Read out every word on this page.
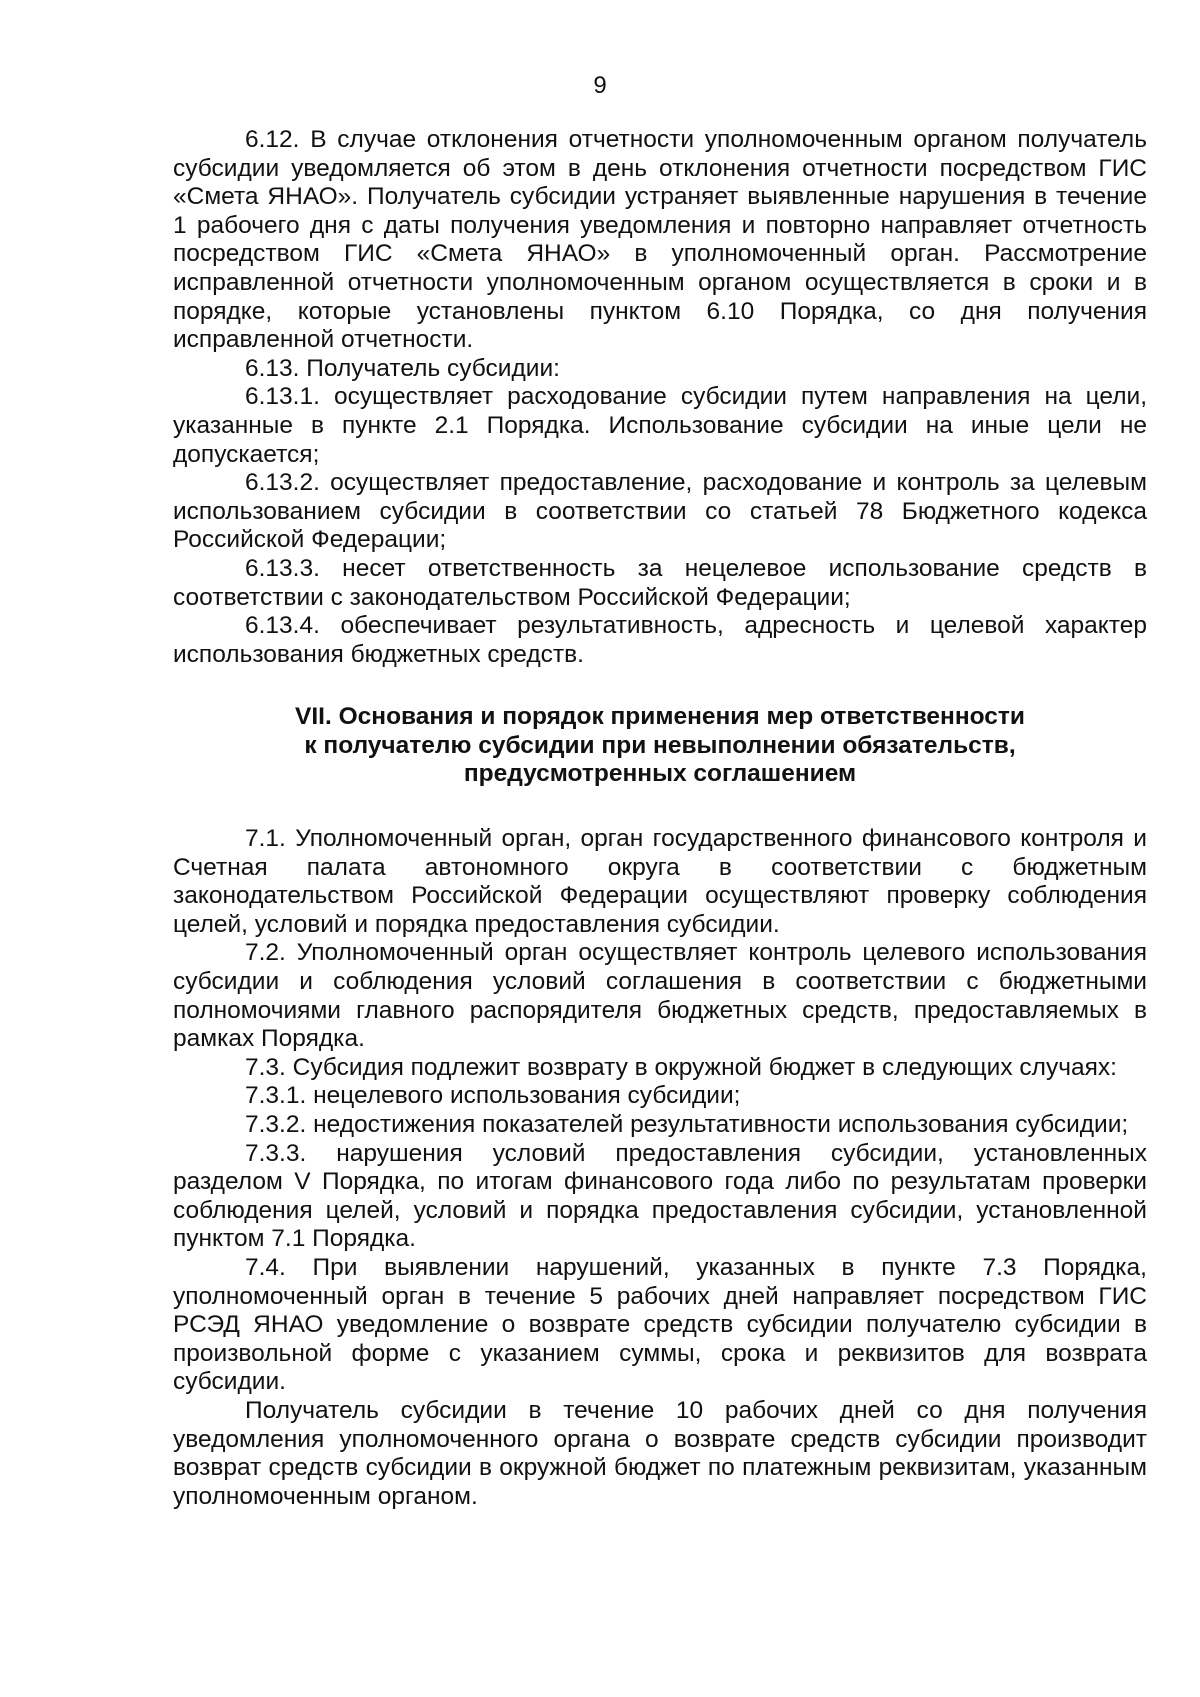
9

6.12. В случае отклонения отчетности уполномоченным органом получатель субсидии уведомляется об этом в день отклонения отчетности посредством ГИС «Смета ЯНАО». Получатель субсидии устраняет выявленные нарушения в течение 1 рабочего дня с даты получения уведомления и повторно направляет отчетность посредством ГИС «Смета ЯНАО» в уполномоченный орган. Рассмотрение исправленной отчетности уполномоченным органом осуществляется в сроки и в порядке, которые установлены пунктом 6.10 Порядка, со дня получения исправленной отчетности.

6.13. Получатель субсидии:

6.13.1. осуществляет расходование субсидии путем направления на цели, указанные в пункте 2.1 Порядка. Использование субсидии на иные цели не допускается;

6.13.2. осуществляет предоставление, расходование и контроль за целевым использованием субсидии в соответствии со статьей 78 Бюджетного кодекса Российской Федерации;

6.13.3. несет ответственность за нецелевое использование средств в соответствии с законодательством Российской Федерации;

6.13.4. обеспечивает результативность, адресность и целевой характер использования бюджетных средств.

VII. Основания и порядок применения мер ответственности
к получателю субсидии при невыполнении обязательств,
предусмотренных соглашением

7.1. Уполномоченный орган, орган государственного финансового контроля и Счетная палата автономного округа в соответствии с бюджетным законодательством Российской Федерации осуществляют проверку соблюдения целей, условий и порядка предоставления субсидии.

7.2. Уполномоченный орган осуществляет контроль целевого использования субсидии и соблюдения условий соглашения в соответствии с бюджетными полномочиями главного распорядителя бюджетных средств, предоставляемых в рамках Порядка.

7.3. Субсидия подлежит возврату в окружной бюджет в следующих случаях:

7.3.1. нецелевого использования субсидии;

7.3.2. недостижения показателей результативности использования субсидии;

7.3.3. нарушения условий предоставления субсидии, установленных разделом V Порядка, по итогам финансового года либо по результатам проверки соблюдения целей, условий и порядка предоставления субсидии, установленной пунктом 7.1 Порядка.

7.4. При выявлении нарушений, указанных в пункте 7.3 Порядка, уполномоченный орган в течение 5 рабочих дней направляет посредством ГИС РСЭД ЯНАО уведомление о возврате средств субсидии получателю субсидии в произвольной форме с указанием суммы, срока и реквизитов для возврата субсидии.

Получатель субсидии в течение 10 рабочих дней со дня получения уведомления уполномоченного органа о возврате средств субсидии производит возврат средств субсидии в окружной бюджет по платежным реквизитам, указанным уполномоченным органом.
